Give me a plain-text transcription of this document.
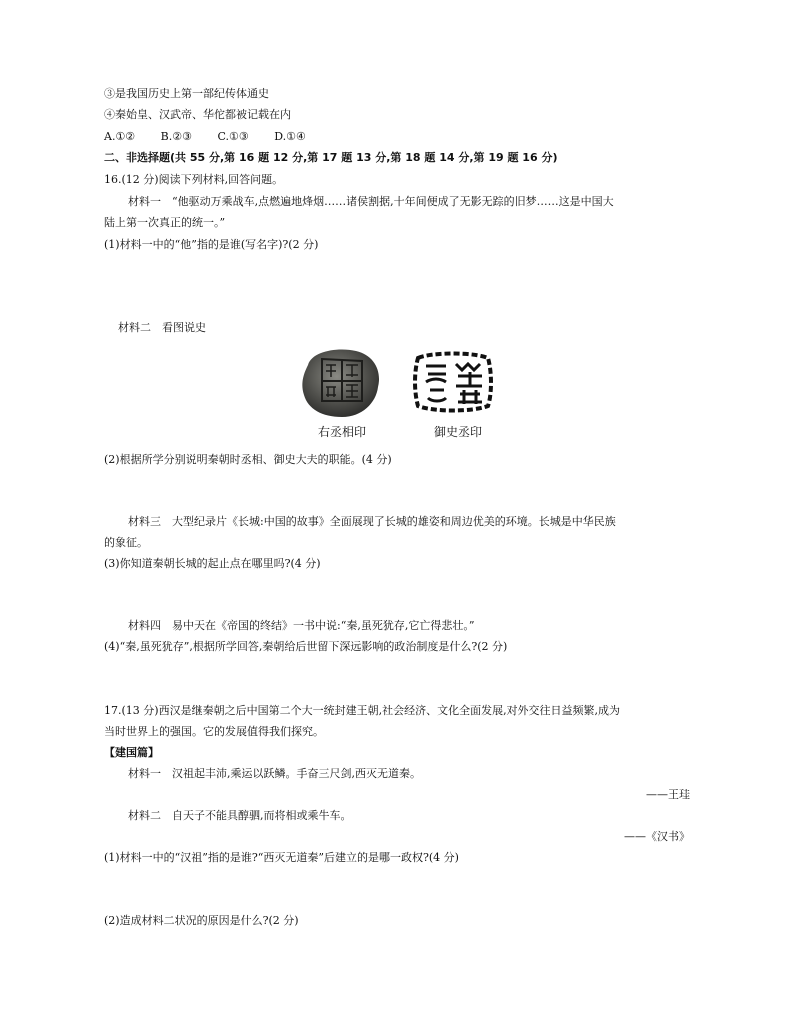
③是我国历史上第一部纪传体通史
④秦始皇、汉武帝、华佗都被记载在内
A.①② B.②③ C.①③ D.①④
二、非选择题(共 55 分,第 16 题 12 分,第 17 题 13 分,第 18 题 14 分,第 19 题 16 分)
16.(12 分)阅读下列材料,回答问题。
材料一　“他驱动万乘战车,点燃遍地烽烟……诸侯割据,十年间便成了无影无踪的旧梦……这是中国大
陆上第一次真正的统一。”
(1)材料一中的“他”指的是谁(写名字)?(2 分)
材料二　看图说史
右丞相印	御史丞印
(2)根据所学分别说明秦朝时丞相、御史大夫的职能。(4 分)
材料三　大型纪录片《长城:中国的故事》全面展现了长城的雄姿和周边优美的环境。长城是中华民族
的象征。
(3)你知道秦朝长城的起止点在哪里吗?(4 分)
材料四　易中天在《帝国的终结》一书中说:“秦,虽死犹存,它亡得悲壮。”
(4)“秦,虽死犹存”,根据所学回答,秦朝给后世留下深远影响的政治制度是什么?(2 分)
17.(13 分)西汉是继秦朝之后中国第二个大一统封建王朝,社会经济、文化全面发展,对外交往日益频繁,成为
当时世界上的强国。它的发展值得我们探究。
【建国篇】
材料一　汉祖起丰沛,乘运以跃鳞。手奋三尺剑,西灭无道秦。
——王珪
材料二　自天子不能具醇驷,而将相或乘牛车。
——《汉书》
(1)材料一中的“汉祖”指的是谁?“西灭无道秦”后建立的是哪一政权?(4 分)
(2)造成材料二状况的原因是什么?(2 分)
